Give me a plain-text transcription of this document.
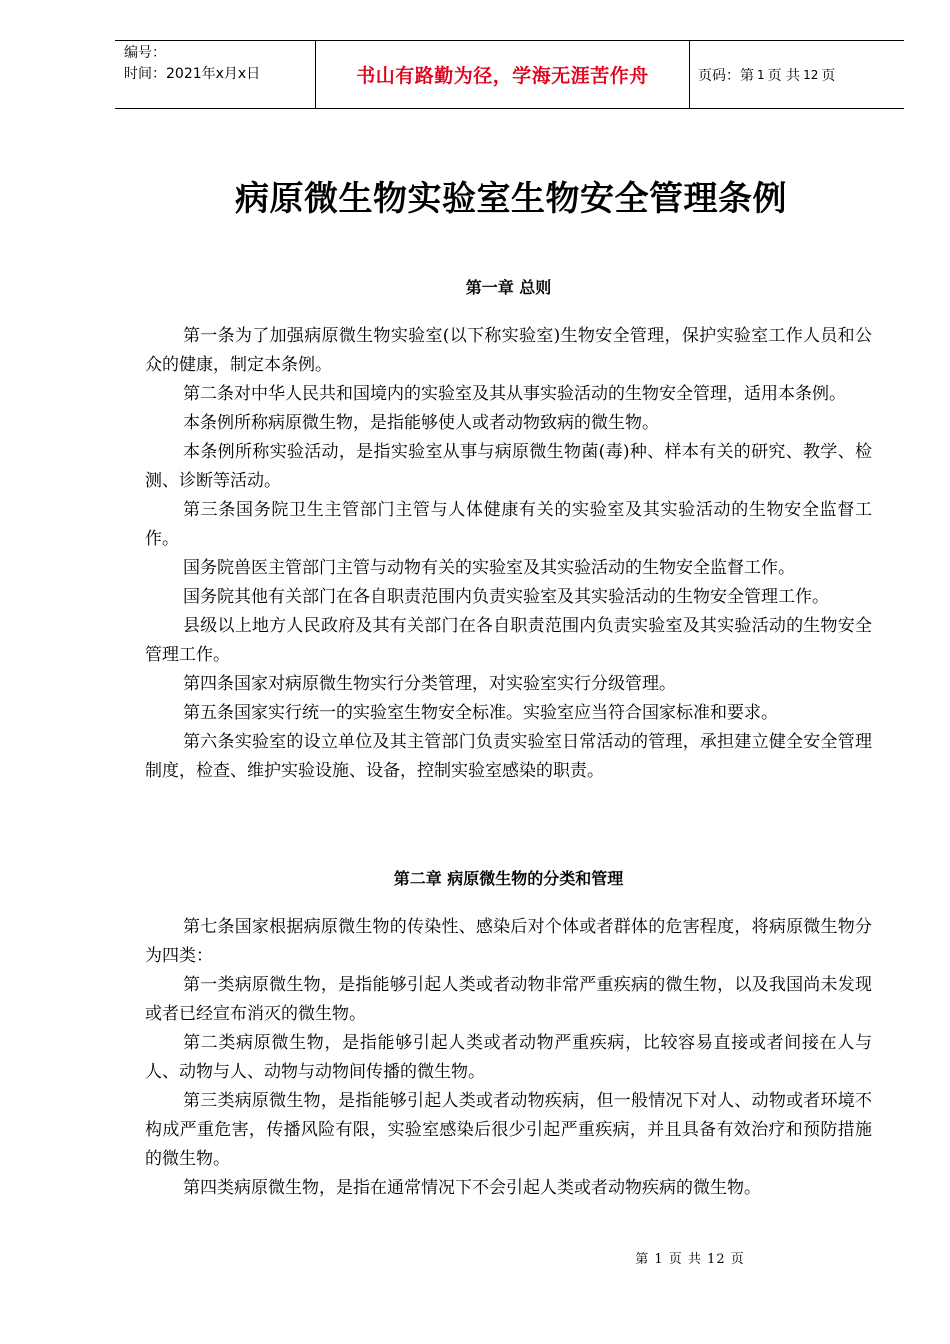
编号：
时间：2021年x月x日	书山有路勤为径，学海无涯苦作舟	页码：第 1 页 共 12 页
病原微生物实验室生物安全管理条例
第一章 总则

第一条为了加强病原微生物实验室(以下称实验室)生物安全管理，保护实验室工作人员和公众的健康，制定本条例。

第二条对中华人民共和国境内的实验室及其从事实验活动的生物安全管理，适用本条例。

本条例所称病原微生物，是指能够使人或者动物致病的微生物。

本条例所称实验活动，是指实验室从事与病原微生物菌(毒)种、样本有关的研究、教学、检测、诊断等活动。

第三条国务院卫生主管部门主管与人体健康有关的实验室及其实验活动的生物安全监督工作。

国务院兽医主管部门主管与动物有关的实验室及其实验活动的生物安全监督工作。

国务院其他有关部门在各自职责范围内负责实验室及其实验活动的生物安全管理工作。

县级以上地方人民政府及其有关部门在各自职责范围内负责实验室及其实验活动的生物安全管理工作。

第四条国家对病原微生物实行分类管理，对实验室实行分级管理。

第五条国家实行统一的实验室生物安全标准。实验室应当符合国家标准和要求。

第六条实验室的设立单位及其主管部门负责实验室日常活动的管理，承担建立健全安全管理制度，检查、维护实验设施、设备，控制实验室感染的职责。

第二章 病原微生物的分类和管理

第七条国家根据病原微生物的传染性、感染后对个体或者群体的危害程度，将病原微生物分为四类：

第一类病原微生物，是指能够引起人类或者动物非常严重疾病的微生物，以及我国尚未发现或者已经宣布消灭的微生物。

第二类病原微生物，是指能够引起人类或者动物严重疾病，比较容易直接或者间接在人与人、动物与人、动物与动物间传播的微生物。

第三类病原微生物，是指能够引起人类或者动物疾病，但一般情况下对人、动物或者环境不构成严重危害，传播风险有限，实验室感染后很少引起严重疾病，并且具备有效治疗和预防措施的微生物。

第四类病原微生物，是指在通常情况下不会引起人类或者动物疾病的微生物。

第 1 页 共 12 页
